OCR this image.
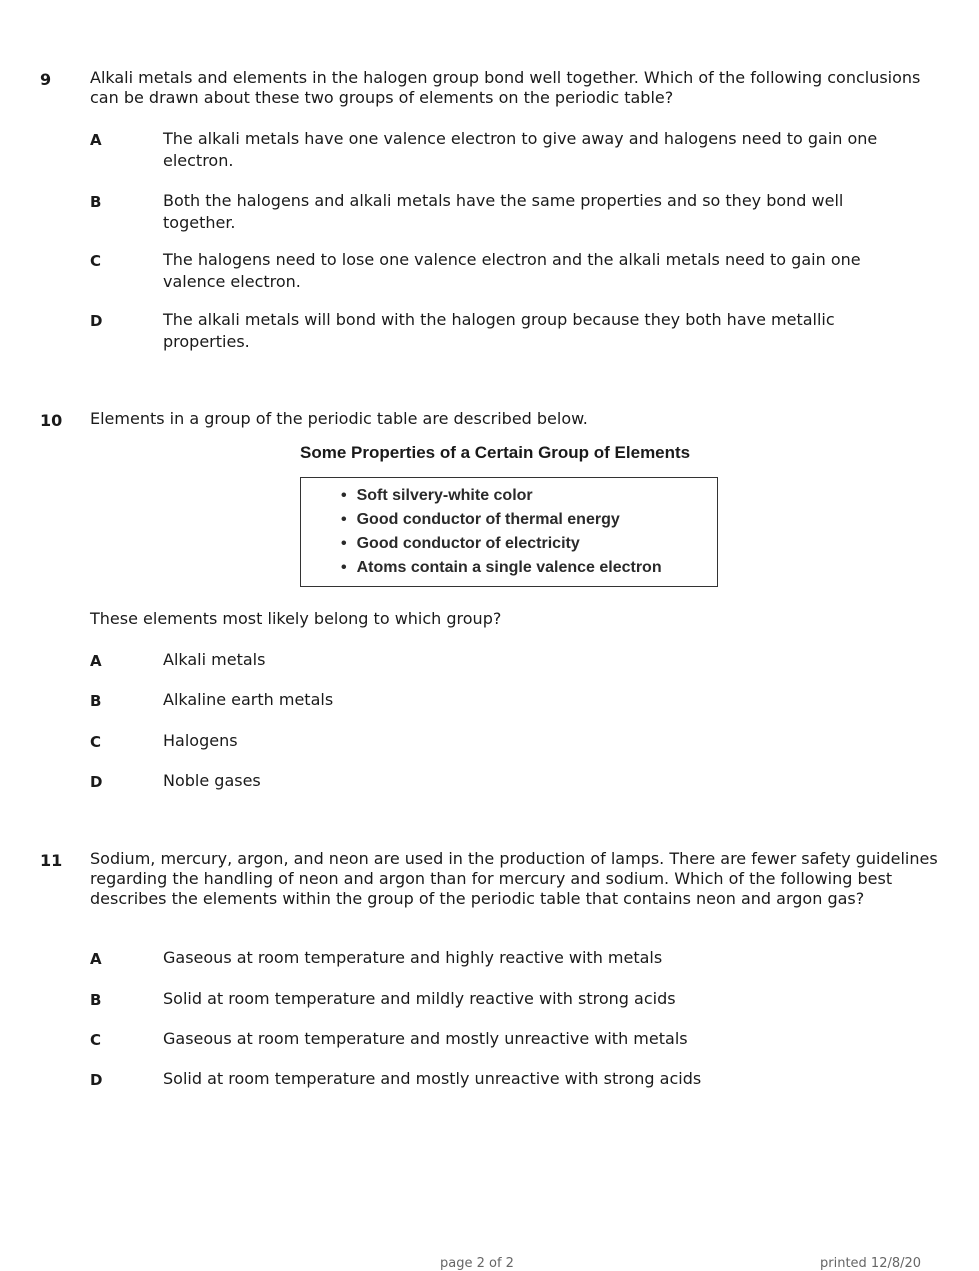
9 Alkali metals and elements in the halogen group bond well together. Which of the following conclusions can be drawn about these two groups of elements on the periodic table?
A	The alkali metals have one valence electron to give away and halogens need to gain one electron.
B	Both the halogens and alkali metals have the same properties and so they bond well together.
C	The halogens need to lose one valence electron and the alkali metals need to gain one valence electron.
D	The alkali metals will bond with the halogen group because they both have metallic properties.
10 Elements in a group of the periodic table are described below.
Some Properties of a Certain Group of Elements
• Soft silvery-white color
• Good conductor of thermal energy
• Good conductor of electricity
• Atoms contain a single valence electron
These elements most likely belong to which group?
A	Alkali metals
B	Alkaline earth metals
C	Halogens
D	Noble gases
11 Sodium, mercury, argon, and neon are used in the production of lamps. There are fewer safety guidelines regarding the handling of neon and argon than for mercury and sodium. Which of the following best describes the elements within the group of the periodic table that contains neon and argon gas?
A	Gaseous at room temperature and highly reactive with metals
B	Solid at room temperature and mildly reactive with strong acids
C	Gaseous at room temperature and mostly unreactive with metals
D	Solid at room temperature and mostly unreactive with strong acids
page 2 of 2	printed 12/8/20
